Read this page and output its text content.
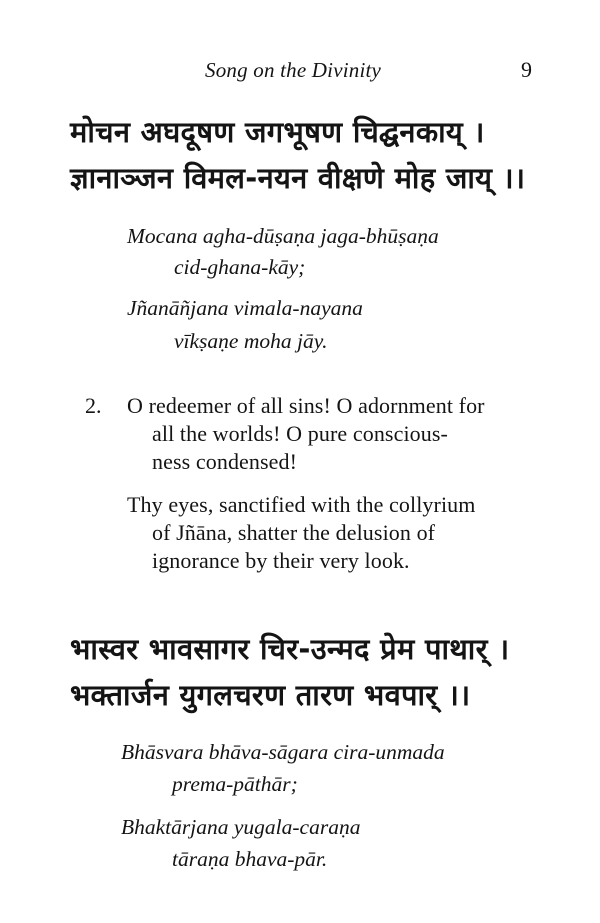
Song on the Divinity	9
मोचन अघदूषण जगभूषण चिद्घनकाय् ।
ज्ञानाञ्जन विमल-नयन वीक्षणे मोह जाय् ।।
Mocana agha-dūṣaṇa jaga-bhūṣaṇa
cid-ghana-kāy;
Jñanāñjana vimala-nayana
vīkṣaṇe moha jāy.
2. O redeemer of all sins! O adornment for
all the worlds! O pure conscious-
ness condensed!
Thy eyes, sanctified with the collyrium
of Jñāna, shatter the delusion of
ignorance by their very look.
भास्वर भावसागर चिर-उन्मद प्रेम पाथार् ।
भक्तार्जन युगलचरण तारण भवपार् ।।
Bhāsvara bhāva-sāgara cira-unmada
prema-pāthār;
Bhaktārjana yugala-caraṇa
tāraṇa bhava-pār.
